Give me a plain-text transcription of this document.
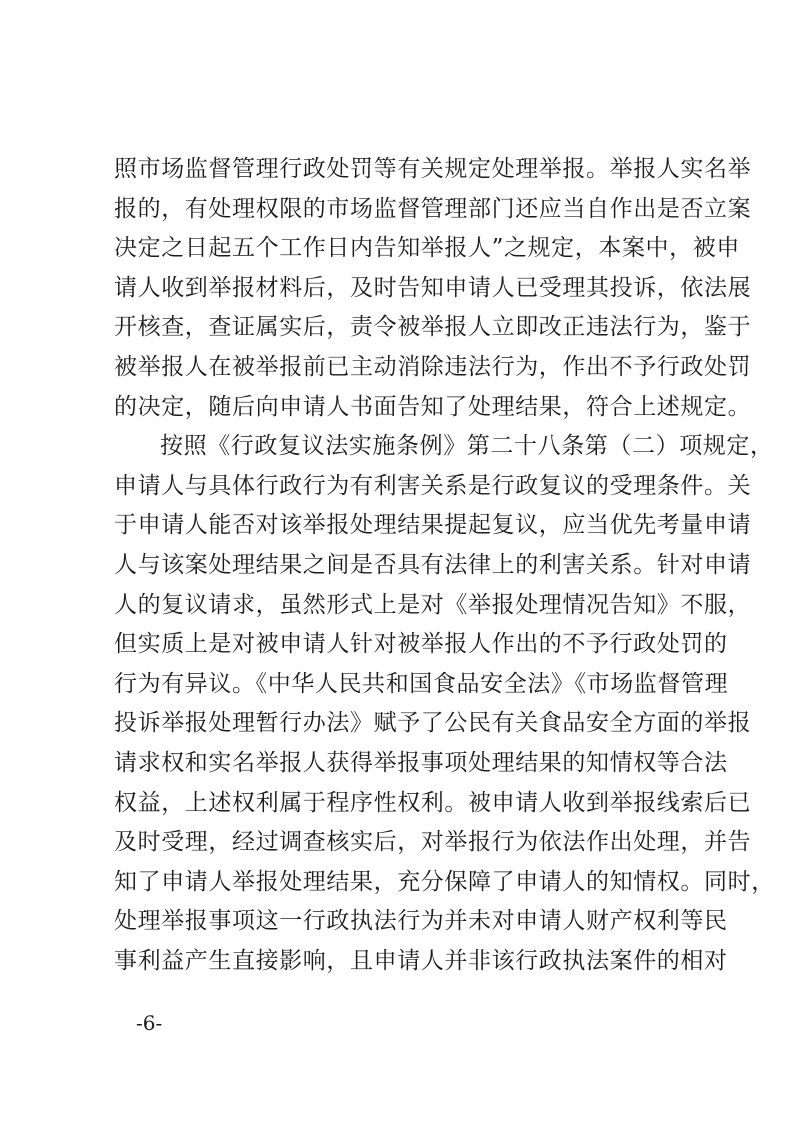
照市场监督管理行政处罚等有关规定处理举报。举报人实名举
报的，有处理权限的市场监督管理部门还应当自作出是否立案
决定之日起五个工作日内告知举报人”之规定，本案中，被申
请人收到举报材料后，及时告知申请人已受理其投诉，依法展
开核查，查证属实后，责令被举报人立即改正违法行为，鉴于
被举报人在被举报前已主动消除违法行为，作出不予行政处罚
的决定，随后向申请人书面告知了处理结果，符合上述规定。
按照《行政复议法实施条例》第二十八条第（二）项规定，
申请人与具体行政行为有利害关系是行政复议的受理条件。关
于申请人能否对该举报处理结果提起复议，应当优先考量申请
人与该案处理结果之间是否具有法律上的利害关系。针对申请
人的复议请求，虽然形式上是对《举报处理情况告知》不服，
但实质上是对被申请人针对被举报人作出的不予行政处罚的
行为有异议。《中华人民共和国食品安全法》《市场监督管理
投诉举报处理暂行办法》赋予了公民有关食品安全方面的举报
请求权和实名举报人获得举报事项处理结果的知情权等合法
权益，上述权利属于程序性权利。被申请人收到举报线索后已
及时受理，经过调查核实后，对举报行为依法作出处理，并告
知了申请人举报处理结果，充分保障了申请人的知情权。同时，
处理举报事项这一行政执法行为并未对申请人财产权利等民
事利益产生直接影响，且申请人并非该行政执法案件的相对
-6-
